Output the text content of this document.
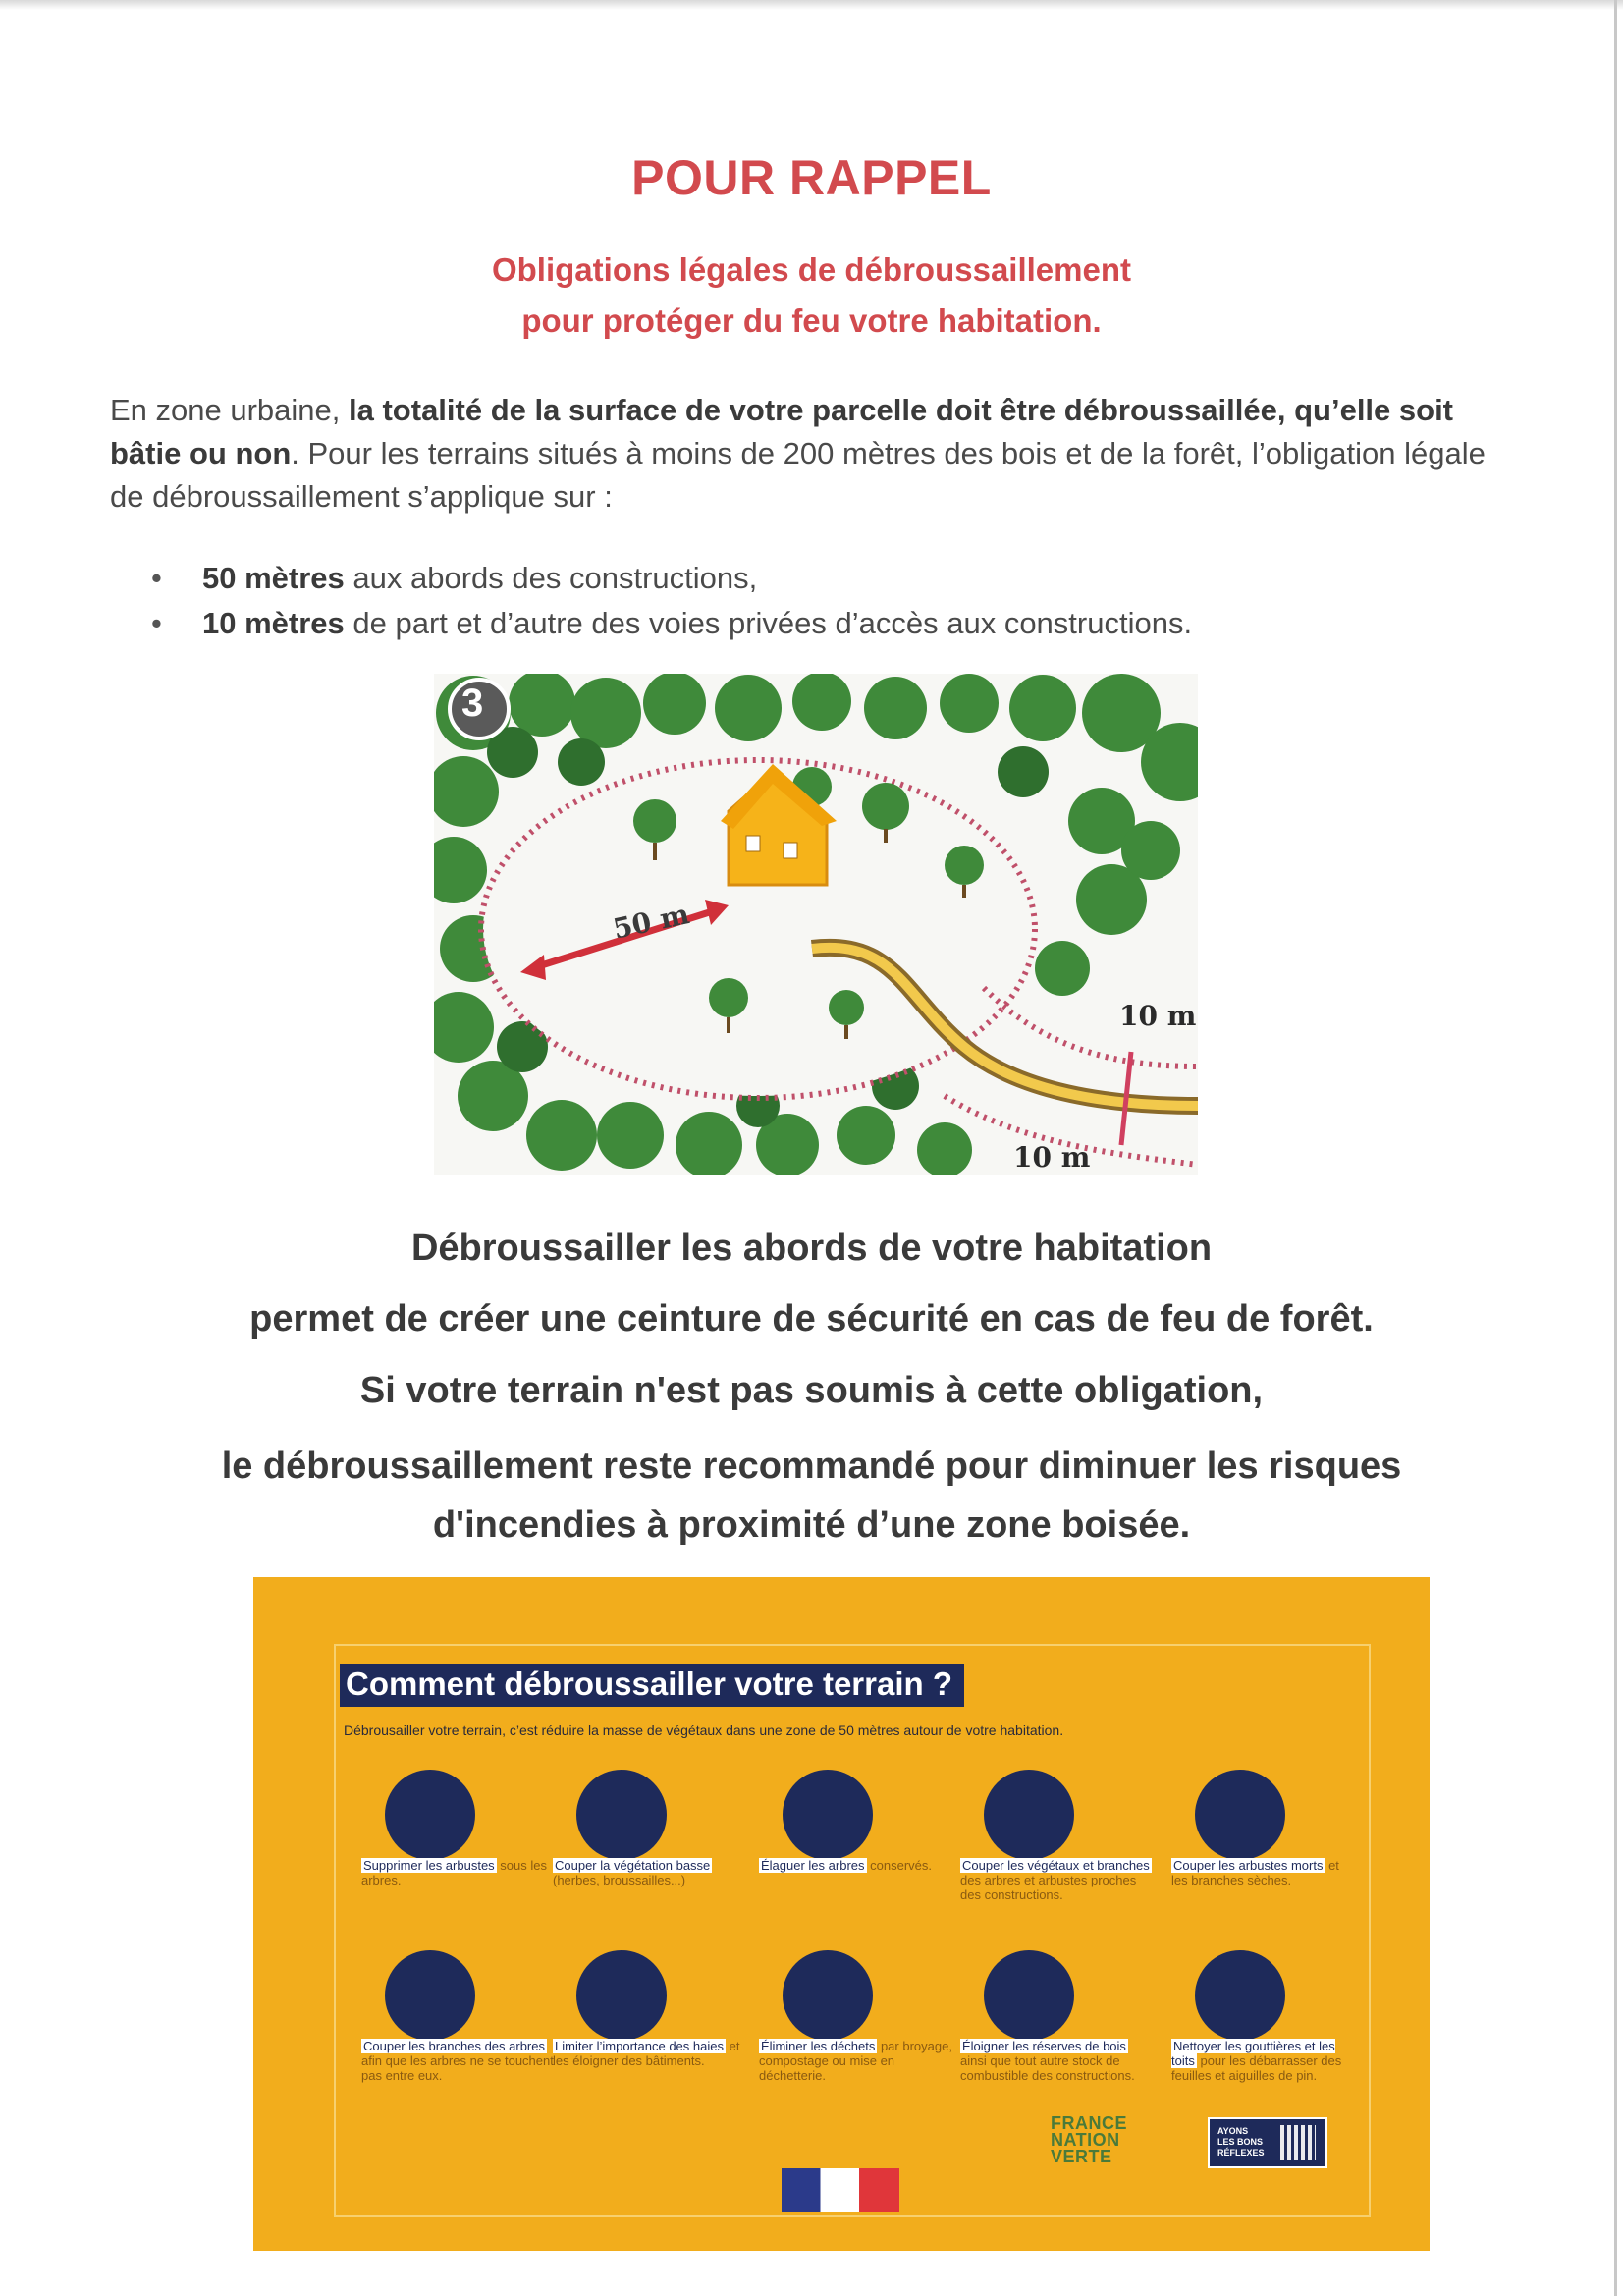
POUR RAPPEL
Obligations légales de débroussaillement
pour protéger du feu votre habitation.
En zone urbaine, la totalité de la surface de votre parcelle doit être débroussaillée, qu’elle soit bâtie ou non. Pour les terrains situés à moins de 200 mètres des bois et de la forêt, l’obligation légale de débroussaillement s’applique sur :
• 50 mètres aux abords des constructions,
• 10 mètres de part et d’autre des voies privées d’accès aux constructions.
3
50 m
10 m
10 m
Débroussailler les abords de votre habitation
permet de créer une ceinture de sécurité en cas de feu de forêt.
Si votre terrain n'est pas soumis à cette obligation,
le débroussaillement reste recommandé pour diminuer les risques
d'incendies à proximité d’une zone boisée.
Comment débroussailler votre terrain ?
Débrousailler votre terrain, c’est réduire la masse de végétaux dans une zone de 50 mètres autour de votre habitation.
Supprimer les arbustes sous les arbres.
Couper la végétation basse (herbes, broussailles...)
Élaguer les arbres conservés.	Couper les végétaux et branches des arbres et arbustes proches des constructions.
Couper les arbustes morts et les branches sèches.
Couper les branches des arbres afin que les arbres ne se touchent pas entre eux.
Limiter l’importance des haies et les éloigner des bâtiments.
Éliminer les déchets par broyage, compostage ou mise en déchetterie.
Éloigner les réserves de bois ainsi que tout autre stock de combustible des constructions.
Nettoyer les gouttières et les toits pour les débarrasser des feuilles et aiguilles de pin.
FRANCE
NATION
VERTE
AYONS
LES BONS
RÉFLEXES
